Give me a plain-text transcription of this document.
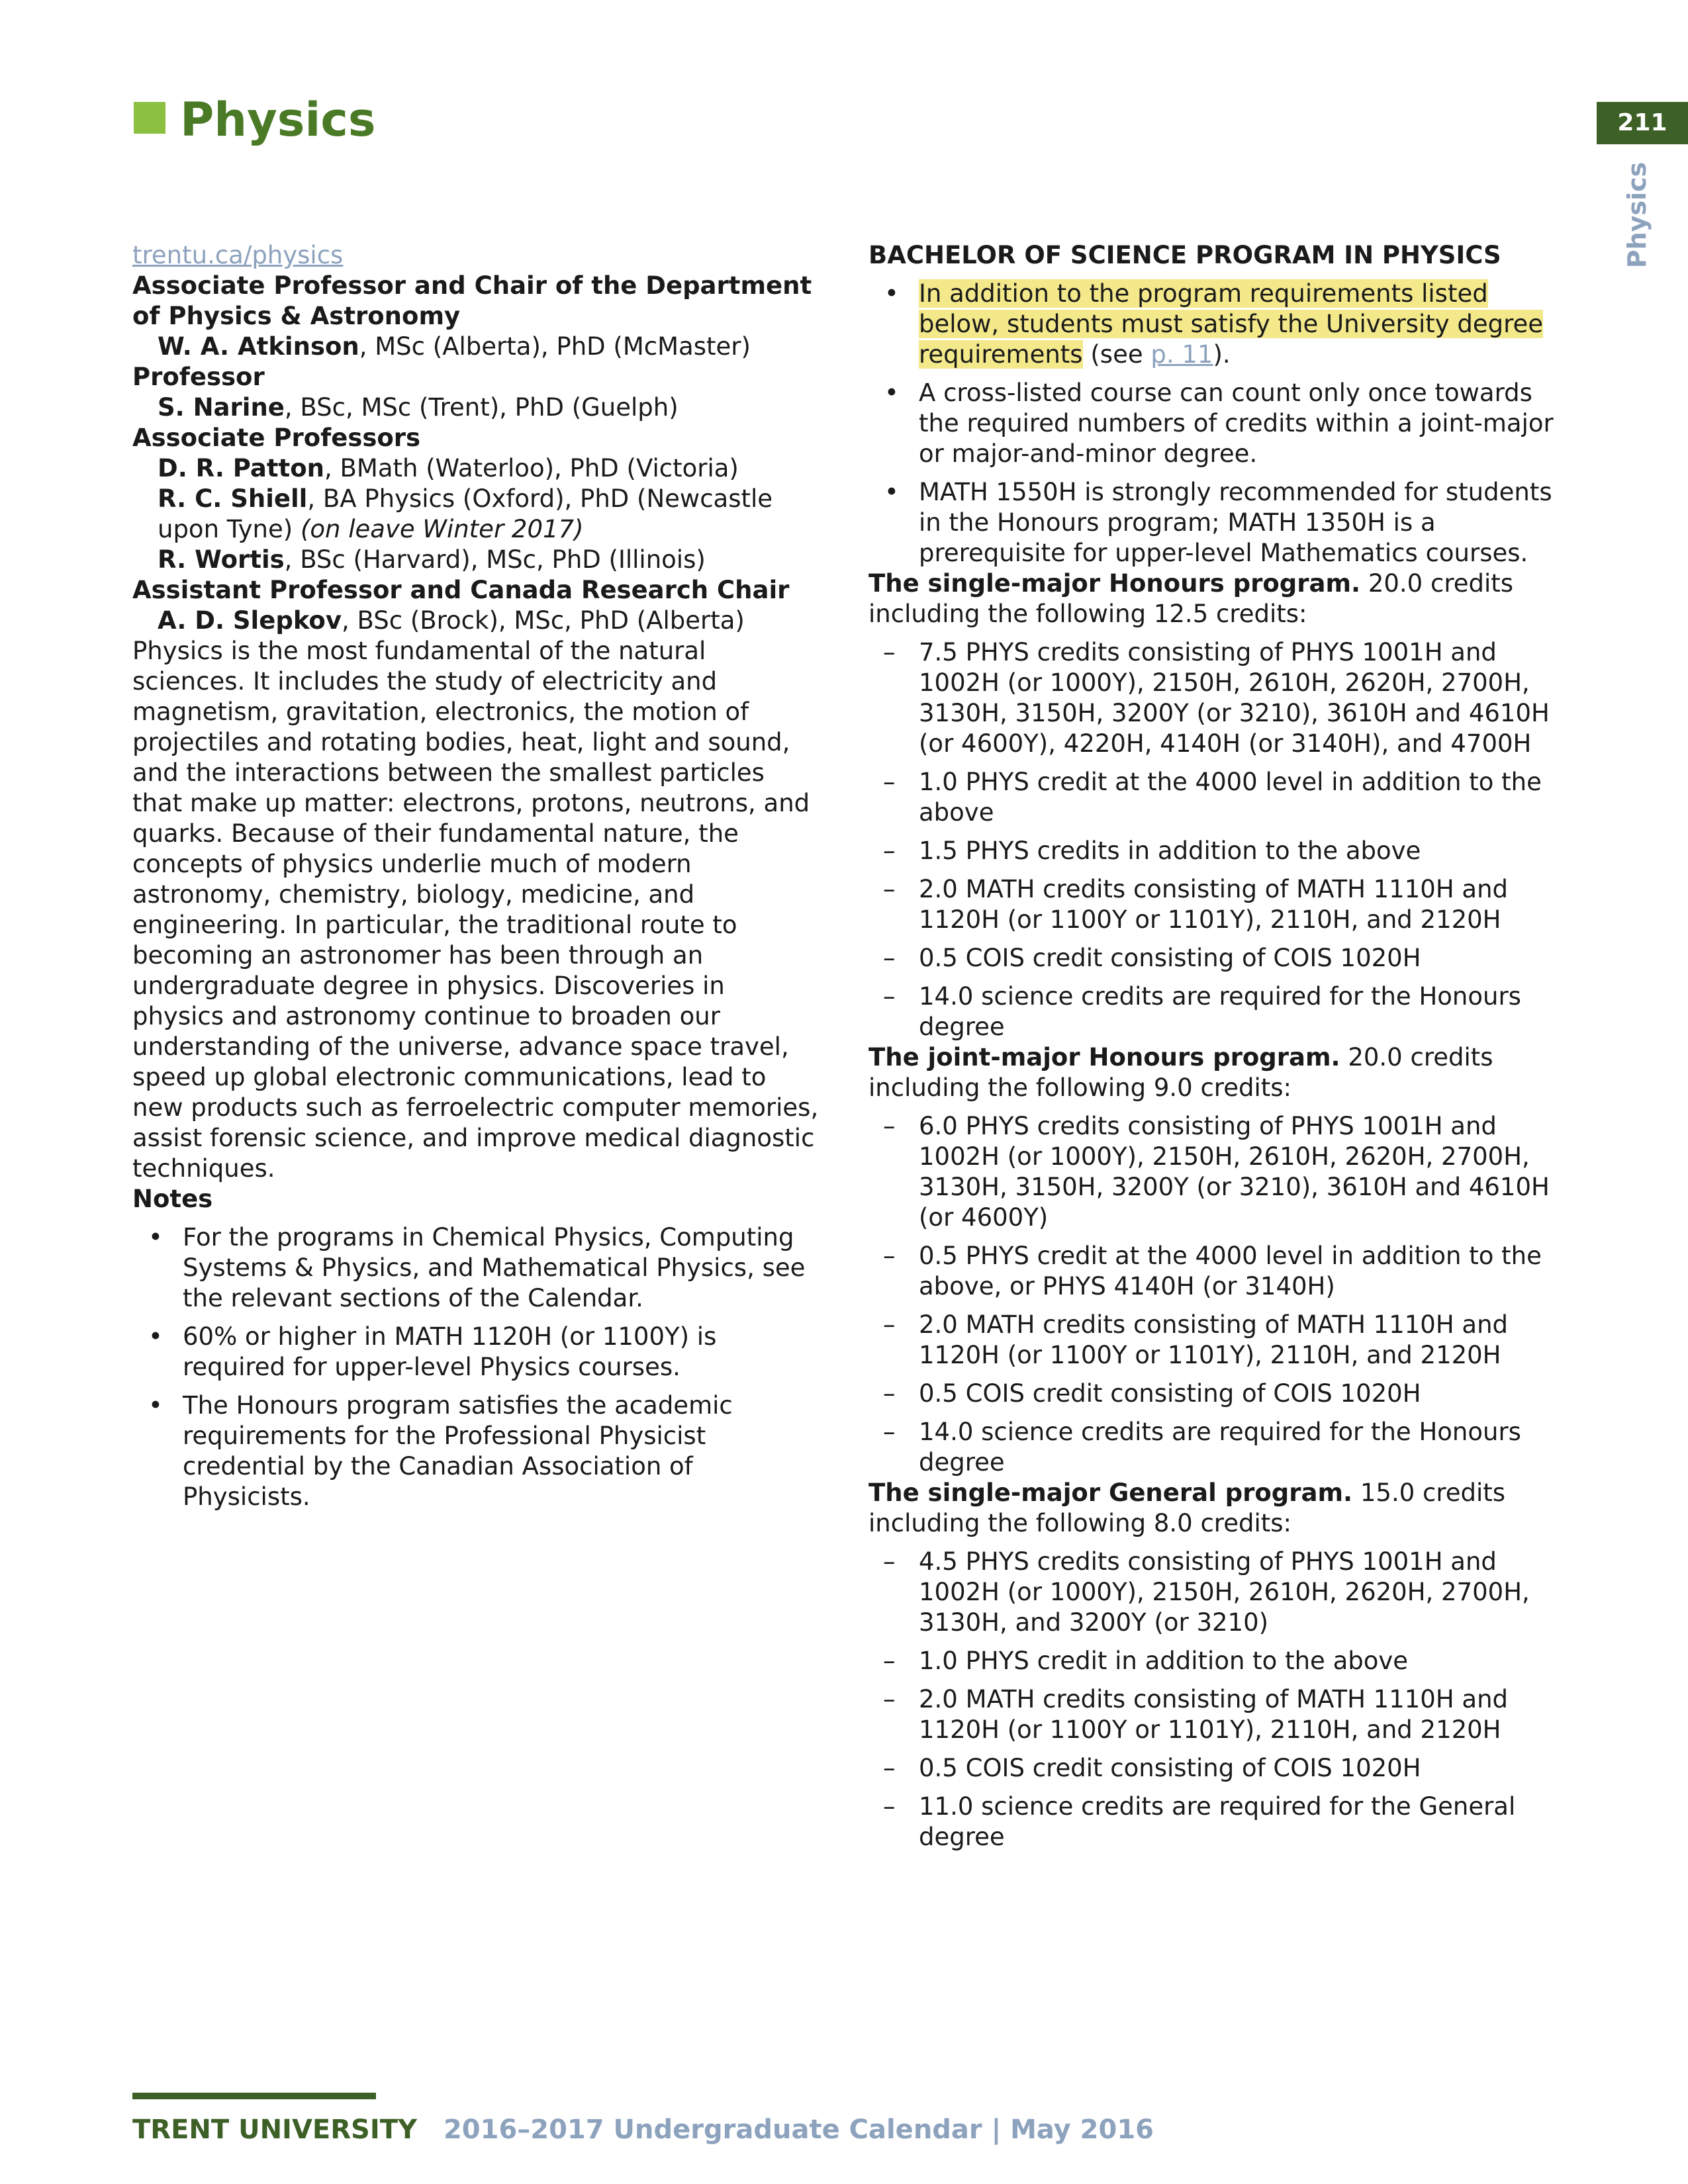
Physics	211
Physics
trentu.ca/physics
Associate Professor and Chair of the Department of Physics & Astronomy
W. A. Atkinson, MSc (Alberta), PhD (McMaster)
Professor
S. Narine, BSc, MSc (Trent), PhD (Guelph)
Associate Professors
D. R. Patton, BMath (Waterloo), PhD (Victoria)
R. C. Shiell, BA Physics (Oxford), PhD (Newcastle upon Tyne) (on leave Winter 2017)
R. Wortis, BSc (Harvard), MSc, PhD (Illinois)
Assistant Professor and Canada Research Chair
A. D. Slepkov, BSc (Brock), MSc, PhD (Alberta)

Physics is the most fundamental of the natural sciences. It includes the study of electricity and magnetism, gravitation, electronics, the motion of projectiles and rotating bodies, heat, light and sound, and the interactions between the smallest particles that make up matter: electrons, protons, neutrons, and quarks. Because of their fundamental nature, the concepts of physics underlie much of modern astronomy, chemistry, biology, medicine, and engineering. In particular, the traditional route to becoming an astronomer has been through an undergraduate degree in physics. Discoveries in physics and astronomy continue to broaden our understanding of the universe, advance space travel, speed up global electronic communications, lead to new products such as ferroelectric computer memories, assist forensic science, and improve medical diagnostic techniques.

Notes
• For the programs in Chemical Physics, Computing Systems & Physics, and Mathematical Physics, see the relevant sections of the Calendar.
• 60% or higher in MATH 1120H (or 1100Y) is required for upper-level Physics courses.
• The Honours program satisfies the academic requirements for the Professional Physicist credential by the Canadian Association of Physicists.
BACHELOR OF SCIENCE PROGRAM IN PHYSICS
• In addition to the program requirements listed below, students must satisfy the University degree requirements (see p. 11).
• A cross-listed course can count only once towards the required numbers of credits within a joint-major or major-and-minor degree.
• MATH 1550H is strongly recommended for students in the Honours program; MATH 1350H is a prerequisite for upper-level Mathematics courses.
The single-major Honours program. 20.0 credits including the following 12.5 credits:
– 7.5 PHYS credits consisting of PHYS 1001H and 1002H (or 1000Y), 2150H, 2610H, 2620H, 2700H, 3130H, 3150H, 3200Y (or 3210), 3610H and 4610H (or 4600Y), 4220H, 4140H (or 3140H), and 4700H
– 1.0 PHYS credit at the 4000 level in addition to the above
– 1.5 PHYS credits in addition to the above
– 2.0 MATH credits consisting of MATH 1110H and 1120H (or 1100Y or 1101Y), 2110H, and 2120H
– 0.5 COIS credit consisting of COIS 1020H
– 14.0 science credits are required for the Honours degree
The joint-major Honours program. 20.0 credits including the following 9.0 credits:
– 6.0 PHYS credits consisting of PHYS 1001H and 1002H (or 1000Y), 2150H, 2610H, 2620H, 2700H, 3130H, 3150H, 3200Y (or 3210), 3610H and 4610H (or 4600Y)
– 0.5 PHYS credit at the 4000 level in addition to the above, or PHYS 4140H (or 3140H)
– 2.0 MATH credits consisting of MATH 1110H and 1120H (or 1100Y or 1101Y), 2110H, and 2120H
– 0.5 COIS credit consisting of COIS 1020H
– 14.0 science credits are required for the Honours degree
The single-major General program. 15.0 credits including the following 8.0 credits:
– 4.5 PHYS credits consisting of PHYS 1001H and 1002H (or 1000Y), 2150H, 2610H, 2620H, 2700H, 3130H, and 3200Y (or 3210)
– 1.0 PHYS credit in addition to the above
– 2.0 MATH credits consisting of MATH 1110H and 1120H (or 1100Y or 1101Y), 2110H, and 2120H
– 0.5 COIS credit consisting of COIS 1020H
– 11.0 science credits are required for the General degree
TRENT UNIVERSITY 2016–2017 Undergraduate Calendar | May 2016
